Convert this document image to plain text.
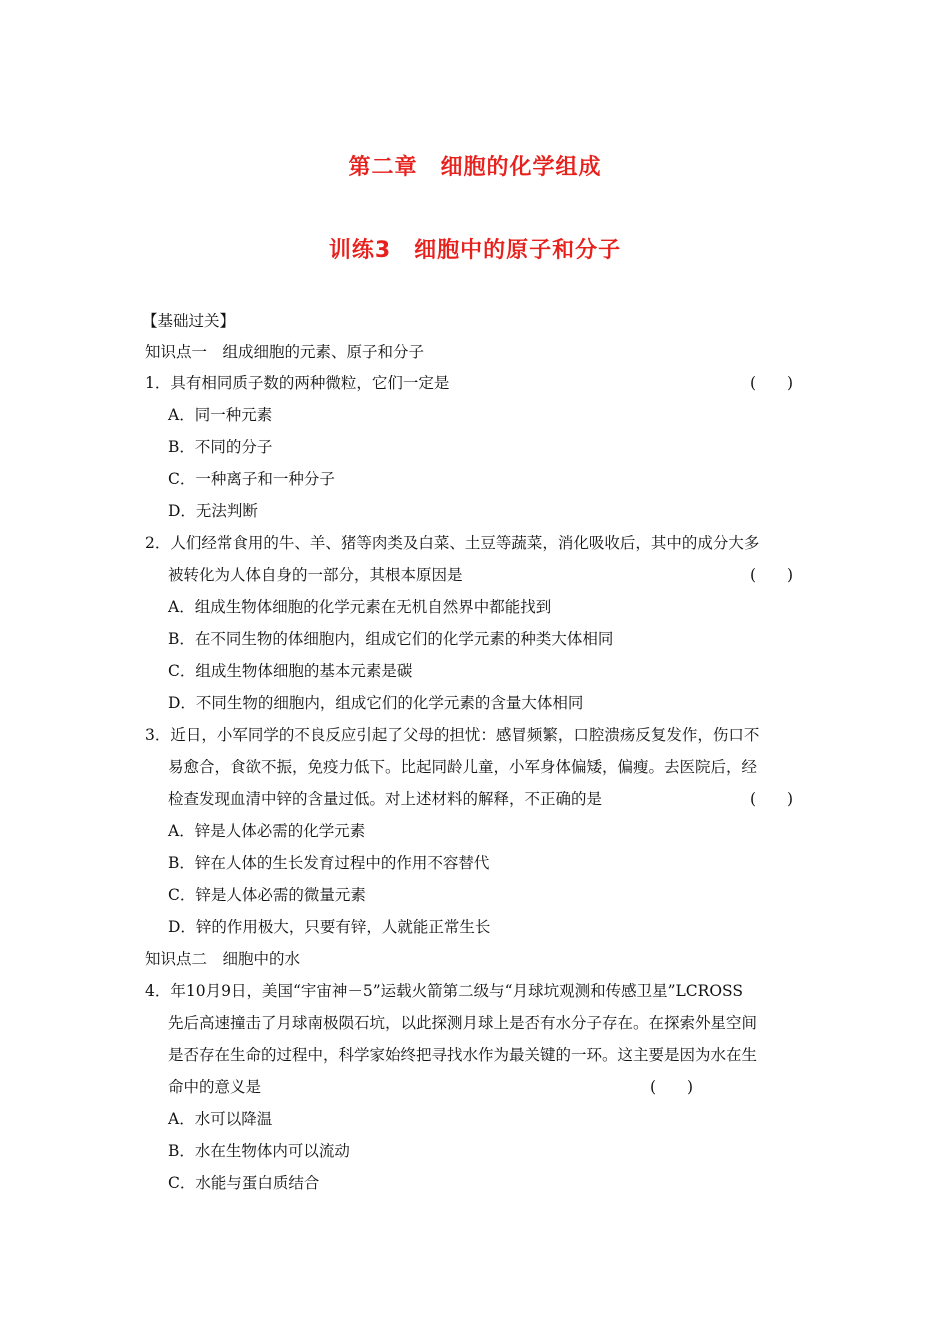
第二章　细胞的化学组成
训练3　细胞中的原子和分子
【基础过关】
知识点一　组成细胞的元素、原子和分子
1．具有相同质子数的两种微粒，它们一定是	(　　)
A．同一种元素
B．不同的分子
C．一种离子和一种分子
D．无法判断
2．人们经常食用的牛、羊、猪等肉类及白菜、土豆等蔬菜，消化吸收后，其中的成分大多
被转化为人体自身的一部分，其根本原因是	(　　)
A．组成生物体细胞的化学元素在无机自然界中都能找到
B．在不同生物的体细胞内，组成它们的化学元素的种类大体相同
C．组成生物体细胞的基本元素是碳
D．不同生物的细胞内，组成它们的化学元素的含量大体相同
3．近日，小军同学的不良反应引起了父母的担忧：感冒频繁，口腔溃疡反复发作，伤口不
易愈合，食欲不振，免疫力低下。比起同龄儿童，小军身体偏矮，偏瘦。去医院后，经
检查发现血清中锌的含量过低。对上述材料的解释，不正确的是	(　　)
A．锌是人体必需的化学元素
B．锌在人体的生长发育过程中的作用不容替代
C．锌是人体必需的微量元素
D．锌的作用极大，只要有锌，人就能正常生长
知识点二　细胞中的水
4．年10月9日，美国“宇宙神－5”运载火箭第二级与“月球坑观测和传感卫星”LCROSS
先后高速撞击了月球南极陨石坑，以此探测月球上是否有水分子存在。在探索外星空间
是否存在生命的过程中，科学家始终把寻找水作为最关键的一环。这主要是因为水在生
命中的意义是	(　　)
A．水可以降温
B．水在生物体内可以流动
C．水能与蛋白质结合
